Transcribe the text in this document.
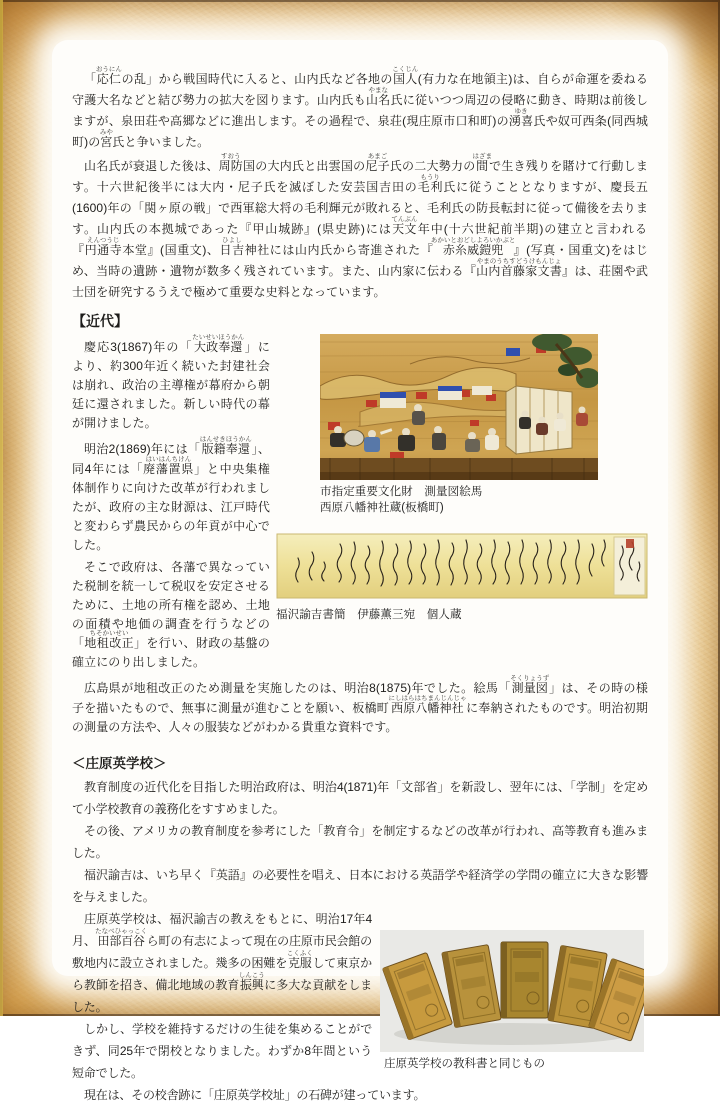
「応仁おうにんの乱」から戦国時代に入ると、山内氏など各地の国人こくじん(有力な在地領主)は、自らが命運を委ねる守護大名などと結び勢力の拡大を図ります。山内氏も山名やまな氏に従いつつ周辺の侵略に動き、時期は前後しますが、泉田荘や高郷などに進出します。その過程で、泉荘(現庄原市口和町)の湧喜ゆき氏や奴可西条(同西城町)の宮みや氏と争いました。

山名氏が衰退した後は、周防すおう国の大内氏と出雲国の尼子あまご氏の二大勢力の間はざまで生き残りを賭けて行動します。十六世紀後半には大内・尼子氏を滅ぼした安芸国吉田の毛利もうり氏に従うこととなりますが、慶長五(1600)年の「関ヶ原の戦」で西軍総大将の毛利輝元が敗れると、毛利氏の防長転封に従って備後を去ります。山内氏の本拠城であった『甲山城跡』(県史跡)には天文てんぶん年中(十六世紀前半期)の建立と言われる『円通寺えんつうじ本堂』(国重文)、日吉ひよし神社には山内氏から寄進された『赤糸威鎧兜あかいとおどしよろいかぶと』(写真・国重文)をはじめ、当時の遺跡・遺物が数多く残されています。また、山内家に伝わる『山内首藤家文書やまのうちすどうけもんじょ』は、荘園や武士団を研究するうえで極めて重要な史料となっています。

【近代】
市指定重要文化財　測量図絵馬
西原八幡神社蔵(板橋町)
福沢諭吉書簡　伊藤薫三宛　個人蔵

慶応3(1867)年の「大政奉還たいせいほうかん」により、約300年近く続いた封建社会は崩れ、政治の主導権が幕府から朝廷に還されました。新しい時代の幕が開けました。

明治2(1869)年には「版籍奉還はんせきほうかん」、同4年には「廃藩置県はいはんちけん」と中央集権体制作りに向けた改革が行われましたが、政府の主な財源は、江戸時代と変わらず農民からの年貢が中心でした。

そこで政府は、各藩で異なっていた税制を統一して税収を安定させるために、土地の所有権を認め、土地の面積や地価の調査を行うなどの「地租改正ちそかいせい」を行い、財政の基盤の確立にのり出しました。

広島県が地租改正のため測量を実施したのは、明治8(1875)年でした。絵馬「測量図そくりょうず」は、その時の様子を描いたもので、無事に測量が進むことを願い、板橋町西原八幡神社にしはらはちまんじんじゃに奉納されたものです。明治初期の測量の方法や、人々の服装などがわかる貴重な資料です。

＜庄原英学校＞

教育制度の近代化を目指した明治政府は、明治4(1871)年「文部省」を新設し、翌年には、「学制」を定めて小学校教育の義務化をすすめました。

その後、アメリカの教育制度を参考にした「教育令」を制定するなどの改革が行われ、高等教育も進みました。

福沢諭吉は、いち早く『英語』の必要性を唱え、日本における英語学や経済学の学問の確立に大きな影響を与えました。

庄原英学校の教科書と同じもの

庄原英学校は、福沢諭吉の教えをもとに、明治17年4月、田部百谷たなべひゃっこくら町の有志によって現在の庄原市民会館の敷地内に設立されました。幾多の困難を克服こくふくして東京から教師を招き、備北地域の教育振興しんこうに多大な貢献をしました。

しかし、学校を維持するだけの生徒を集めることができず、同25年で閉校となりました。わずか8年間という短命でした。

現在は、その校舎跡に「庄原英学校址」の石碑が建っています。
